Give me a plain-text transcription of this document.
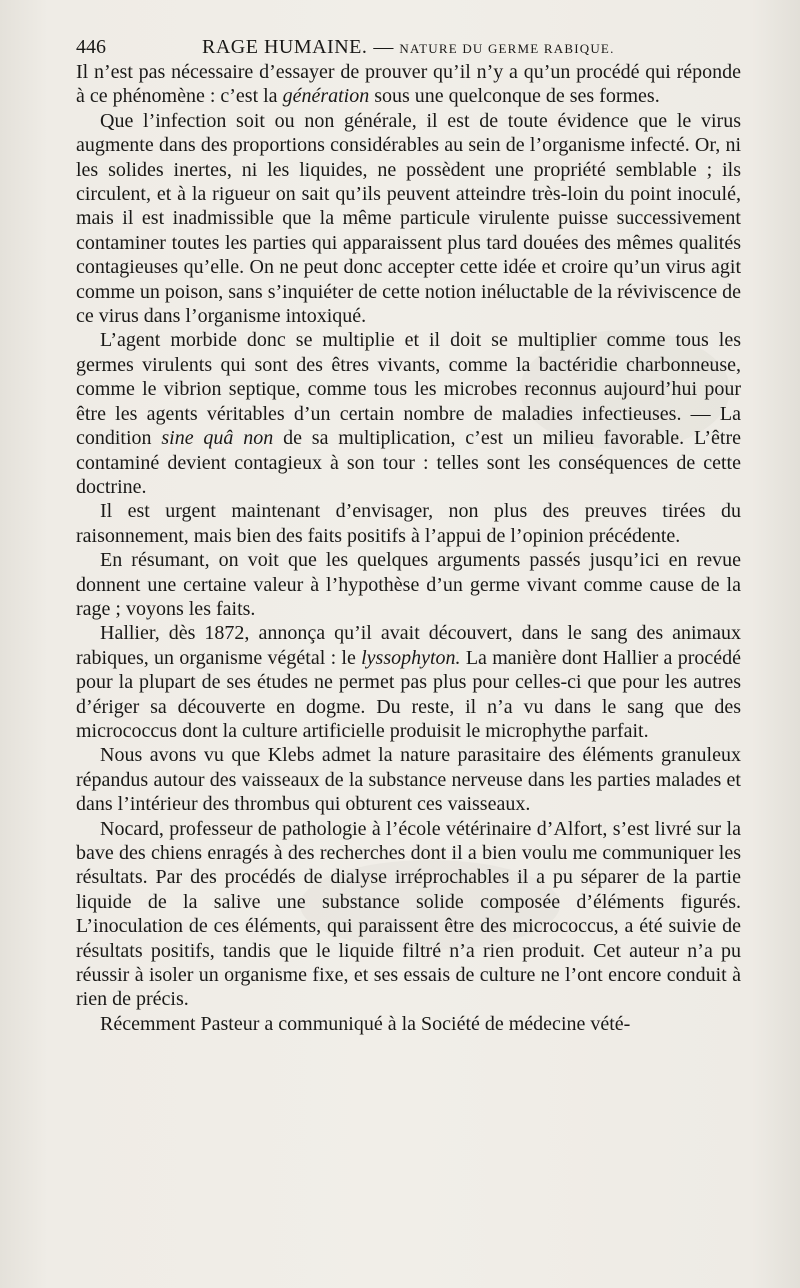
446	RAGE HUMAINE. — NATURE DU GERME RABIQUE.

Il n’est pas nécessaire d’essayer de prouver qu’il n’y a qu’un procédé qui réponde à ce phénomène : c’est la génération sous une quelconque de ses formes.

Que l’infection soit ou non générale, il est de toute évidence que le virus augmente dans des proportions considérables au sein de l’organisme infecté. Or, ni les solides inertes, ni les liquides, ne possèdent une propriété semblable ; ils circulent, et à la rigueur on sait qu’ils peuvent atteindre très-loin du point inoculé, mais il est inadmissible que la même particule virulente puisse successivement contaminer toutes les parties qui apparaissent plus tard douées des mêmes qualités contagieuses qu’elle. On ne peut donc accepter cette idée et croire qu’un virus agit comme un poison, sans s’inquiéter de cette notion inéluctable de la réviviscence de ce virus dans l’organisme intoxiqué.

L’agent morbide donc se multiplie et il doit se multiplier comme tous les germes virulents qui sont des êtres vivants, comme la bactéridie charbonneuse, comme le vibrion septique, comme tous les microbes reconnus aujourd’hui pour être les agents véritables d’un certain nombre de maladies infectieuses. — La condition sine quâ non de sa multiplication, c’est un milieu favorable. L’être contaminé devient contagieux à son tour : telles sont les conséquences de cette doctrine.

Il est urgent maintenant d’envisager, non plus des preuves tirées du raisonnement, mais bien des faits positifs à l’appui de l’opinion précédente.

En résumant, on voit que les quelques arguments passés jusqu’ici en revue donnent une certaine valeur à l’hypothèse d’un germe vivant comme cause de la rage ; voyons les faits.

Hallier, dès 1872, annonça qu’il avait découvert, dans le sang des animaux rabiques, un organisme végétal : le lyssophyton. La manière dont Hallier a procédé pour la plupart de ses études ne permet pas plus pour celles-ci que pour les autres d’ériger sa découverte en dogme. Du reste, il n’a vu dans le sang que des micrococcus dont la culture artificielle produisit le microphythe parfait.

Nous avons vu que Klebs admet la nature parasitaire des éléments granuleux répandus autour des vaisseaux de la substance nerveuse dans les parties malades et dans l’intérieur des thrombus qui obturent ces vaisseaux.

Nocard, professeur de pathologie à l’école vétérinaire d’Alfort, s’est livré sur la bave des chiens enragés à des recherches dont il a bien voulu me communiquer les résultats. Par des procédés de dialyse irréprochables il a pu séparer de la partie liquide de la salive une substance solide composée d’éléments figurés. L’inoculation de ces éléments, qui paraissent être des micrococcus, a été suivie de résultats positifs, tandis que le liquide filtré n’a rien produit. Cet auteur n’a pu réussir à isoler un organisme fixe, et ses essais de culture ne l’ont encore conduit à rien de précis.

Récemment Pasteur a communiqué à la Société de médecine vété-
